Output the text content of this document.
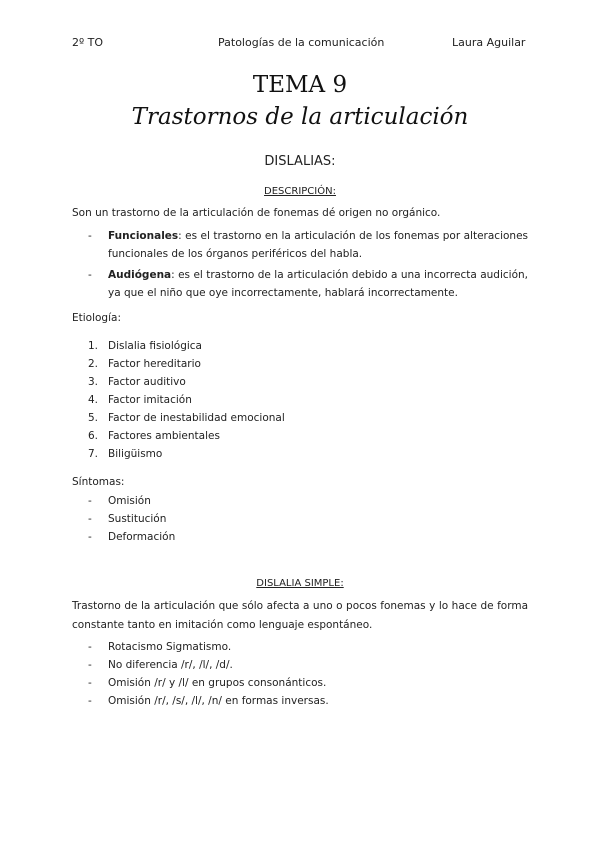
2º TO	Patologías de la comunicación	Laura Aguilar
TEMA 9
Trastornos de la articulación
DISLALIAS:
DESCRIPCIÓN:
Son un trastorno de la articulación de fonemas dé origen no orgánico.
-	Funcionales: es el trastorno en la articulación de los fonemas por alteraciones funcionales de los órganos periféricos del habla.
-	Audiógena: es el trastorno de la articulación debido a una incorrecta audición, ya que el niño que oye incorrectamente, hablará incorrectamente.
Etiología:
1. Dislalia fisiológica
2. Factor hereditario
3. Factor auditivo
4. Factor imitación
5. Factor de inestabilidad emocional
6. Factores ambientales
7. Biligüismo
Síntomas:
-	Omisión
-	Sustitución
-	Deformación
DISLALIA SIMPLE:
Trastorno de la articulación que sólo afecta a uno o pocos fonemas y lo hace de forma constante tanto en imitación como lenguaje espontáneo.
-	Rotacismo Sigmatismo.
-	No diferencia /r/, /l/, /d/.
-	Omisión /r/ y /l/ en grupos consonánticos.
-	Omisión /r/, /s/, /l/, /n/ en formas inversas.
